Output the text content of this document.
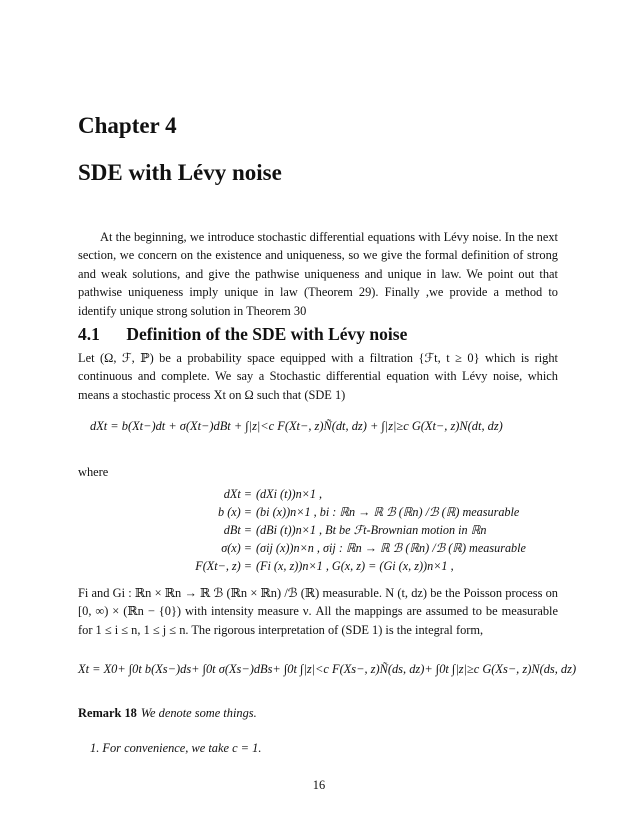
Chapter 4
SDE with Lévy noise
At the beginning, we introduce stochastic differential equations with Lévy noise. In the next section, we concern on the existence and uniqueness, so we give the formal definition of strong and weak solutions, and give the pathwise uniqueness and unique in law. We point out that pathwise uniqueness imply unique in law (Theorem 29). Finally ,we provide a method to identify unique strong solution in Theorem 30
4.1 Definition of the SDE with Lévy noise
Let (Ω, ℱ, ℙ) be a probability space equipped with a filtration {ℱt, t ≥ 0} which is right continuous and complete. We say a Stochastic differential equation with Lévy noise, which means a stochastic process Xt on Ω such that (SDE 1)
dXt = b(Xt−)dt + σ(Xt−)dBt + ∫|z|<c F(Xt−, z)Ñ(dt, dz) + ∫|z|≥c G(Xt−, z)N(dt, dz)
where
dXt = (dXi (t))n×1 ,
b (x) = (bi (x))n×1 , bi : ℝn → ℝ ℬ (ℝn) /ℬ (ℝ) measurable
dBt = (dBi (t))n×1 , Bt be ℱt-Brownian motion in ℝn
σ(x) = (σij (x))n×n , σij : ℝn → ℝ ℬ (ℝn) /ℬ (ℝ) measurable
F(Xt−, z) = (Fi (x, z))n×1 , G(x, z) = (Gi (x, z))n×1 ,
Fi and Gi : ℝn × ℝn → ℝ ℬ (ℝn × ℝn) /ℬ (ℝ) measurable. N (t, dz) be the Poisson process on [0, ∞) × (ℝn − {0}) with intensity measure ν. All the mappings are assumed to be measurable for 1 ≤ i ≤ n, 1 ≤ j ≤ n. The rigorous interpretation of (SDE 1) is the integral form,
Xt = X0+ ∫0t b(Xs−)ds+ ∫0t σ(Xs−)dBs+ ∫0t ∫|z|<c F(Xs−, z)Ñ(ds, dz)+ ∫0t ∫|z|≥c G(Xs−, z)N(ds, dz)
Remark 18 We denote some things.
1. For convenience, we take c = 1.
16
